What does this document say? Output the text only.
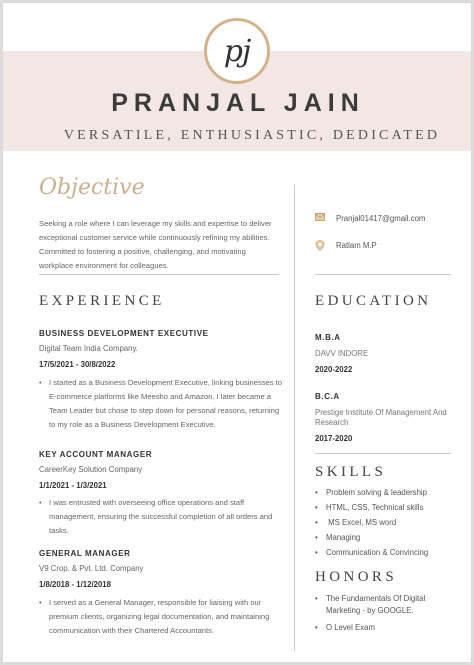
pj
PRANJAL JAIN
VERSATILE, ENTHUSIASTIC, DEDICATED
Objective
Seeking a role where I can leverage my skills and expertise to deliver exceptional customer service while continuously refining my abilities. Committed to fostering a positive, challenging, and motivating workplace environment for colleagues.
Pranjal01417@gmail.com
Ratlam M.P
EXPERIENCE
BUSINESS DEVELOPMENT EXECUTIVE
Digital Team India Company.
17/5/2021 - 30/8/2022
• I started as a Business Development Executive, linking businesses to E-commerce platforms like Meesho and Amazon. I later became a Team Leader but chose to step down for personal reasons, returning to my role as a Business Development Executive.
KEY ACCOUNT MANAGER
CareerKey Solution Company
1/1/2021 - 1/3/2021
• I was entrusted with overseeing office operations and staff management, ensuring the successful completion of all orders and tasks.
GENERAL MANAGER
V9 Crop. & Pvt. Ltd. Company
1/8/2018 - 1/12/2018
• I served as a General Manager, responsible for liaising with our premium clients, organizing legal documentation, and maintaining communication with their Chartered Accountants.
EDUCATION
M.B.A
DAVV INDORE
2020-2022
B.C.A
Prestige Institute Of Management And Research
2017-2020
SKILLS
• Problem solving & leadership
• HTML, CSS, Technical skills
•  MS Excel, MS word
• Managing
• Communication & Convincing
HONORS
• The Fundamentals Of Digital Marketing - by GOOGLE.
• O Level Exam
